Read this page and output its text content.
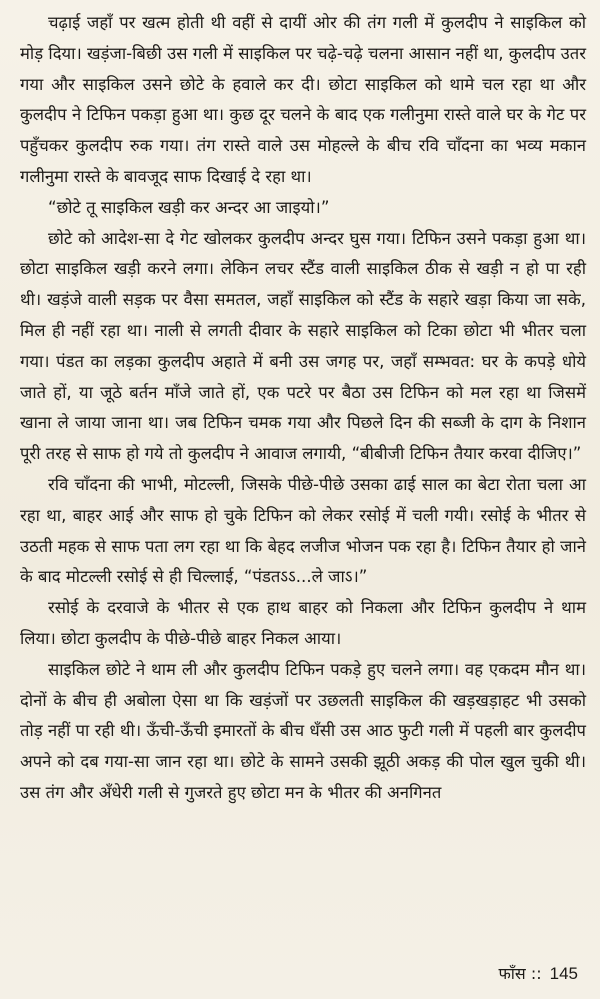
चढ़ाई जहाँ पर खत्म होती थी वहीं से दायीं ओर की तंग गली में कुलदीप ने साइकिल को मोड़ दिया। खड़ंजा-बिछी उस गली में साइकिल पर चढ़े-चढ़े चलना आसान नहीं था, कुलदीप उतर गया और साइकिल उसने छोटे के हवाले कर दी। छोटा साइकिल को थामे चल रहा था और कुलदीप ने टिफिन पकड़ा हुआ था। कुछ दूर चलने के बाद एक गलीनुमा रास्ते वाले घर के गेट पर पहुँचकर कुलदीप रुक गया। तंग रास्ते वाले उस मोहल्ले के बीच रवि चाँदना का भव्य मकान गलीनुमा रास्ते के बावजूद साफ दिखाई दे रहा था।

“छोटे तू साइकिल खड़ी कर अन्दर आ जाइयो।”

छोटे को आदेश-सा दे गेट खोलकर कुलदीप अन्दर घुस गया। टिफिन उसने पकड़ा हुआ था। छोटा साइकिल खड़ी करने लगा। लेकिन लचर स्टैंड वाली साइकिल ठीक से खड़ी न हो पा रही थी। खड़ंजे वाली सड़क पर वैसा समतल, जहाँ साइकिल को स्टैंड के सहारे खड़ा किया जा सके, मिल ही नहीं रहा था। नाली से लगती दीवार के सहारे साइकिल को टिका छोटा भी भीतर चला गया। पंडत का लड़का कुलदीप अहाते में बनी उस जगह पर, जहाँ सम्भवत: घर के कपड़े धोये जाते हों, या जूठे बर्तन माँजे जाते हों, एक पटरे पर बैठा उस टिफिन को मल रहा था जिसमें खाना ले जाया जाना था। जब टिफिन चमक गया और पिछले दिन की सब्जी के दाग के निशान पूरी तरह से साफ हो गये तो कुलदीप ने आवाज लगायी, “बीबीजी टिफिन तैयार करवा दीजिए।”

रवि चाँदना की भाभी, मोटल्ली, जिसके पीछे-पीछे उसका ढाई साल का बेटा रोता चला आ रहा था, बाहर आई और साफ हो चुके टिफिन को लेकर रसोई में चली गयी। रसोई के भीतर से उठती महक से साफ पता लग रहा था कि बेहद लजीज भोजन पक रहा है। टिफिन तैयार हो जाने के बाद मोटल्ली रसोई से ही चिल्लाई, “पंडतऽऽ...ले जाऽ।”

रसोई के दरवाजे के भीतर से एक हाथ बाहर को निकला और टिफिन कुलदीप ने थाम लिया। छोटा कुलदीप के पीछे-पीछे बाहर निकल आया।

साइकिल छोटे ने थाम ली और कुलदीप टिफिन पकड़े हुए चलने लगा। वह एकदम मौन था। दोनों के बीच ही अबोला ऐसा था कि खड़ंजों पर उछलती साइकिल की खड़खड़ाहट भी उसको तोड़ नहीं पा रही थी। ऊँची-ऊँची इमारतों के बीच धँसी उस आठ फुटी गली में पहली बार कुलदीप अपने को दब गया-सा जान रहा था। छोटे के सामने उसकी झूठी अकड़ की पोल खुल चुकी थी। उस तंग और अँधेरी गली से गुजरते हुए छोटा मन के भीतर की अनगिनत

फाँस :: 145
